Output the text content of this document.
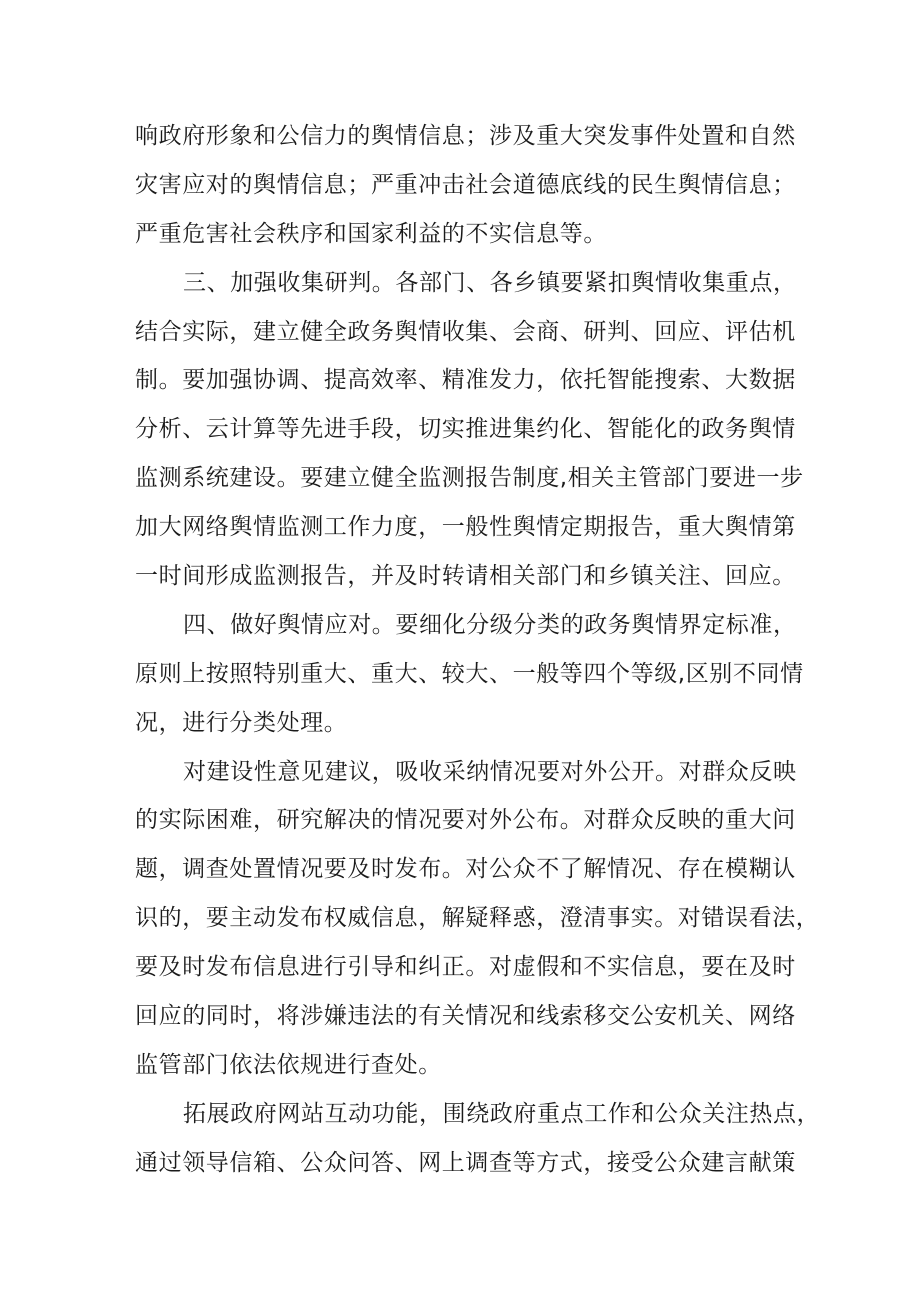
响政府形象和公信力的舆情信息；涉及重大突发事件处置和自然
灾害应对的舆情信息；严重冲击社会道德底线的民生舆情信息；
严重危害社会秩序和国家利益的不实信息等。
三、加强收集研判。各部门、各乡镇要紧扣舆情收集重点，
结合实际，建立健全政务舆情收集、会商、研判、回应、评估机
制。要加强协调、提高效率、精准发力，依托智能搜索、大数据
分析、云计算等先进手段，切实推进集约化、智能化的政务舆情
监测系统建设。要建立健全监测报告制度,相关主管部门要进一步
加大网络舆情监测工作力度，一般性舆情定期报告，重大舆情第
一时间形成监测报告，并及时转请相关部门和乡镇关注、回应。
四、做好舆情应对。要细化分级分类的政务舆情界定标准，
原则上按照特别重大、重大、较大、一般等四个等级,区别不同情
况，进行分类处理。
对建设性意见建议，吸收采纳情况要对外公开。对群众反映
的实际困难，研究解决的情况要对外公布。对群众反映的重大问
题，调查处置情况要及时发布。对公众不了解情况、存在模糊认
识的，要主动发布权威信息，解疑释惑，澄清事实。对错误看法，
要及时发布信息进行引导和纠正。对虚假和不实信息，要在及时
回应的同时，将涉嫌违法的有关情况和线索移交公安机关、网络
监管部门依法依规进行查处。
拓展政府网站互动功能，围绕政府重点工作和公众关注热点，
通过领导信箱、公众问答、网上调查等方式，接受公众建言献策
